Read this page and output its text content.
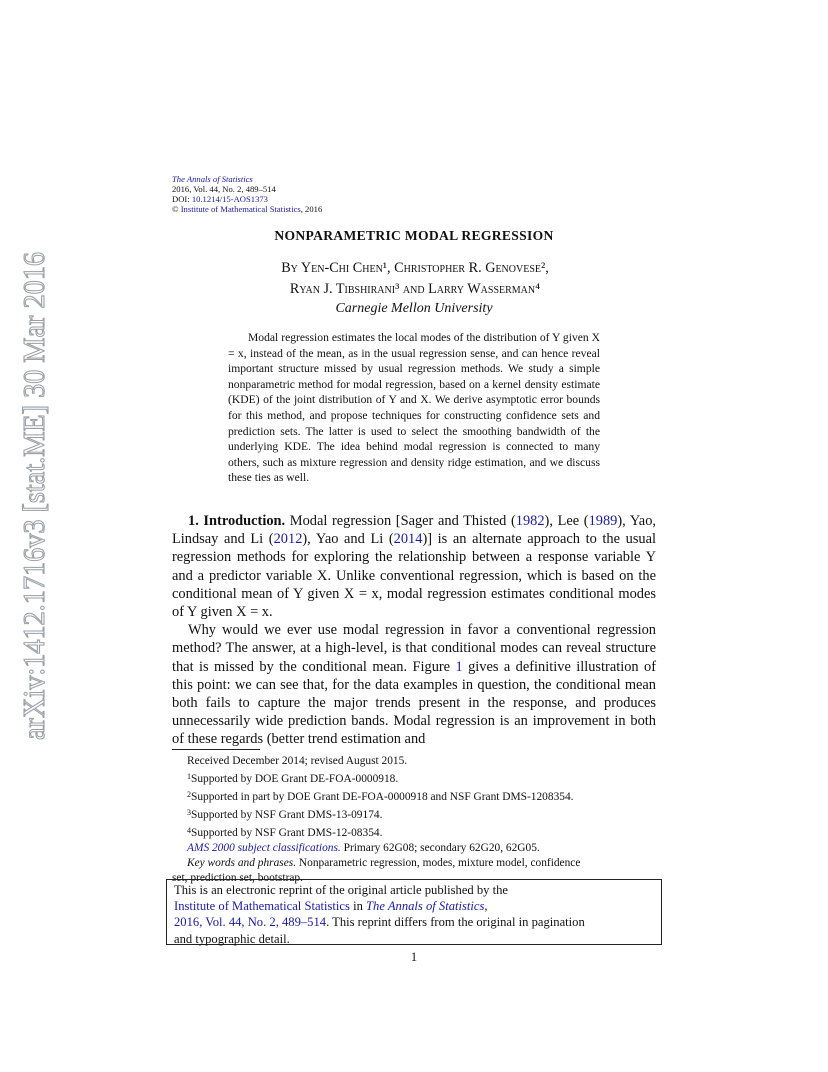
arXiv:1412.1716v3 [stat.ME] 30 Mar 2016
The Annals of Statistics
2016, Vol. 44, No. 2, 489–514
DOI: 10.1214/15-AOS1373
© Institute of Mathematical Statistics, 2016
NONPARAMETRIC MODAL REGRESSION
By Yen-Chi Chen¹, Christopher R. Genovese²,
Ryan J. Tibshirani³ and Larry Wasserman⁴
Carnegie Mellon University

Modal regression estimates the local modes of the distribution of Y given X = x, instead of the mean, as in the usual regression sense, and can hence reveal important structure missed by usual regression methods. We study a simple nonparametric method for modal regression, based on a kernel density estimate (KDE) of the joint distribution of Y and X. We derive asymptotic error bounds for this method, and propose techniques for constructing confidence sets and prediction sets. The latter is used to select the smoothing bandwidth of the underlying KDE. The idea behind modal regression is connected to many others, such as mixture regression and density ridge estimation, and we discuss these ties as well.

1. Introduction. Modal regression [Sager and Thisted (1982), Lee (1989), Yao, Lindsay and Li (2012), Yao and Li (2014)] is an alternate approach to the usual regression methods for exploring the relationship between a response variable Y and a predictor variable X. Unlike conventional regression, which is based on the conditional mean of Y given X = x, modal regression estimates conditional modes of Y given X = x.

Why would we ever use modal regression in favor a conventional regression method? The answer, at a high-level, is that conditional modes can reveal structure that is missed by the conditional mean. Figure 1 gives a definitive illustration of this point: we can see that, for the data examples in question, the conditional mean both fails to capture the major trends present in the response, and produces unnecessarily wide prediction bands. Modal regression is an improvement in both of these regards (better trend estimation and

Received December 2014; revised August 2015.
$^1$Supported by DOE Grant DE-FOA-0000918.
$^2$Supported in part by DOE Grant DE-FOA-0000918 and NSF Grant DMS-1208354.
$^3$Supported by NSF Grant DMS-13-09174.
$^4$Supported by NSF Grant DMS-12-08354.
AMS 2000 subject classifications. Primary 62G08; secondary 62G20, 62G05.
Key words and phrases. Nonparametric regression, modes, mixture model, confidence
set, prediction set, bootstrap.
This is an electronic reprint of the original article published by the
Institute of Mathematical Statistics in The Annals of Statistics,
2016, Vol. 44, No. 2, 489–514. This reprint differs from the original in pagination
and typographic detail.
1
